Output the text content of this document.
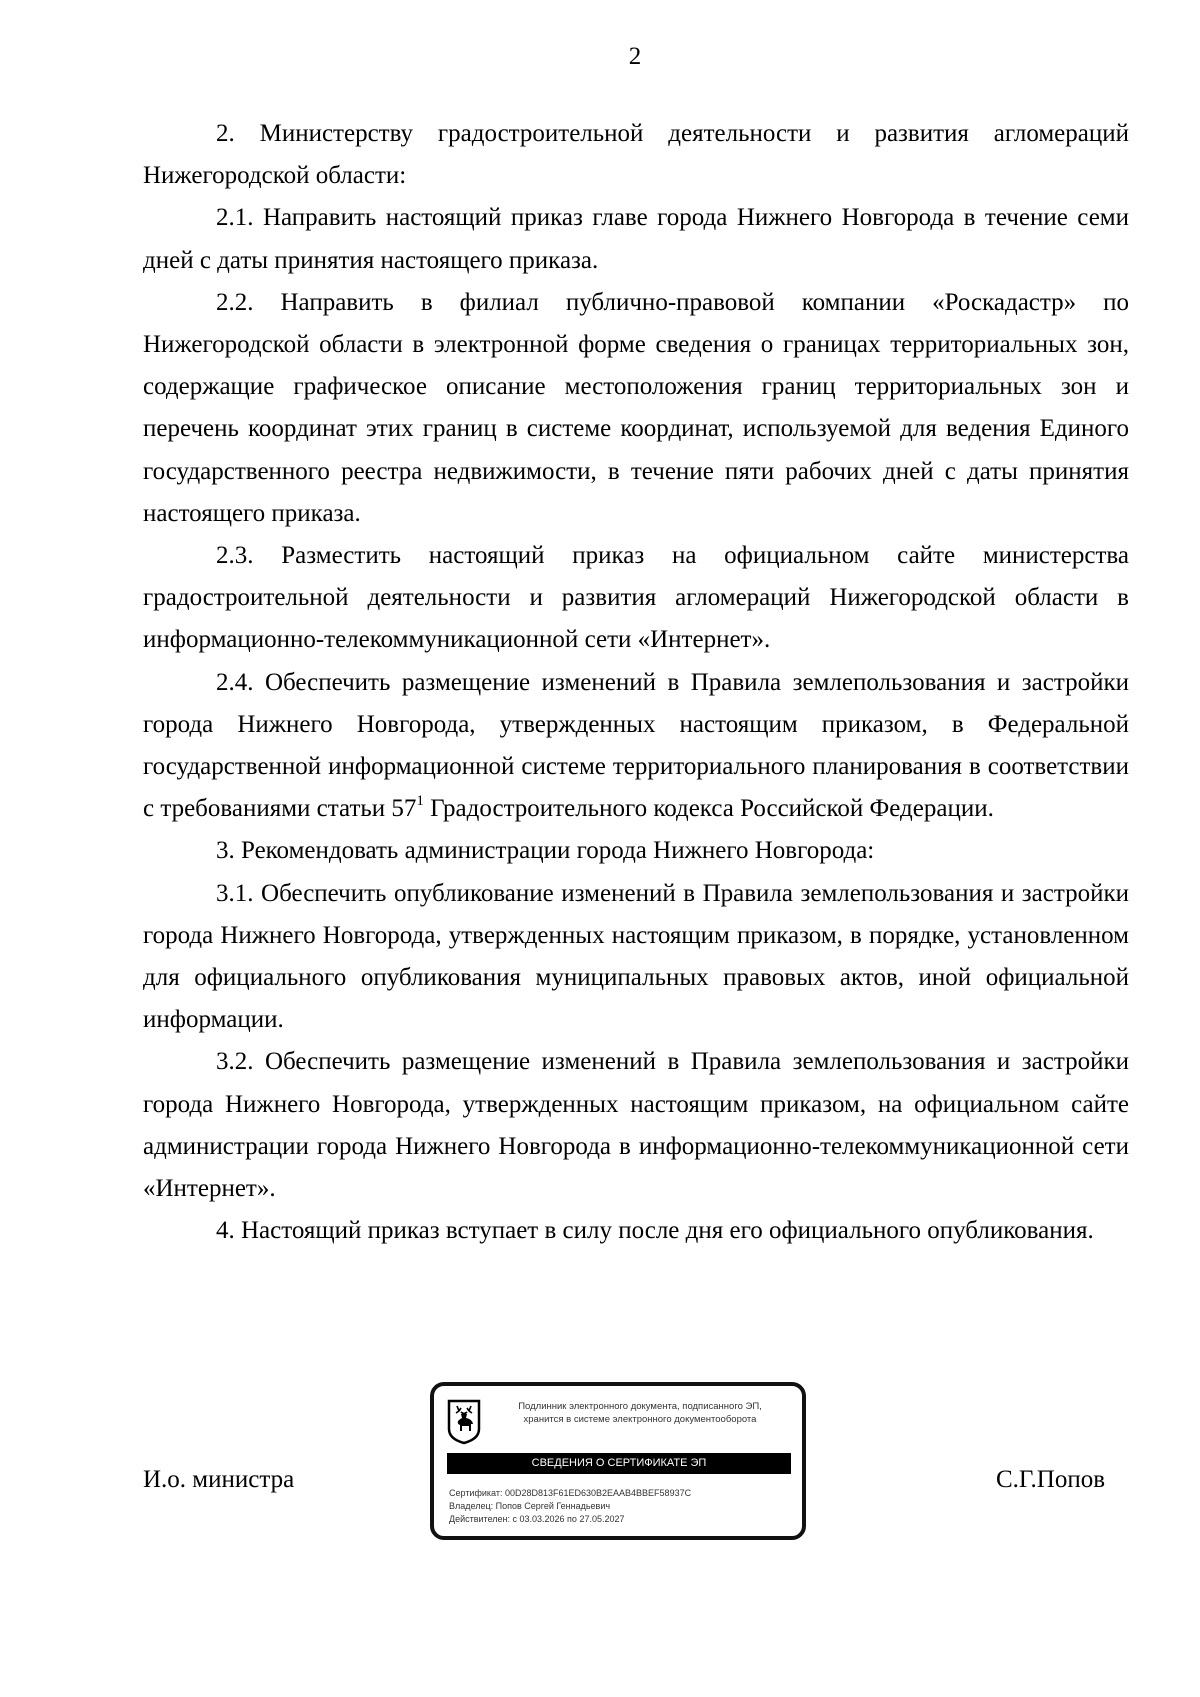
2

2. Министерству градостроительной деятельности и развития агломераций Нижегородской области:

2.1. Направить настоящий приказ главе города Нижнего Новгорода в течение семи дней с даты принятия настоящего приказа.

2.2. Направить в филиал публично-правовой компании «Роскадастр» по Нижегородской области в электронной форме сведения о границах территориальных зон, содержащие графическое описание местоположения границ территориальных зон и перечень координат этих границ в системе координат, используемой для ведения Единого государственного реестра недвижимости, в течение пяти рабочих дней с даты принятия настоящего приказа.

2.3. Разместить настоящий приказ на официальном сайте министерства градостроительной деятельности и развития агломераций Нижегородской области в информационно-телекоммуникационной сети «Интернет».

2.4. Обеспечить размещение изменений в Правила землепользования и застройки города Нижнего Новгорода, утвержденных настоящим приказом, в Федеральной государственной информационной системе территориального планирования в соответствии с требованиями статьи $57^1$ Градостроительного кодекса Российской Федерации.

3. Рекомендовать администрации города Нижнего Новгорода:

3.1. Обеспечить опубликование изменений в Правила землепользования и застройки города Нижнего Новгорода, утвержденных настоящим приказом, в порядке, установленном для официального опубликования муниципальных правовых актов, иной официальной информации.

3.2. Обеспечить размещение изменений в Правила землепользования и застройки города Нижнего Новгорода, утвержденных настоящим приказом, на официальном сайте администрации города Нижнего Новгорода в информационно-телекоммуникационной сети «Интернет».

4. Настоящий приказ вступает в силу после дня его официального опубликования.

И.о. министра	С.Г.Попов
Подлинник электронного документа, подписанного ЭП,
хранится в системе электронного документооборота
СВЕДЕНИЯ О СЕРТИФИКАТЕ ЭП
Сертификат: 00D28D813F61ED630B2EAAB4BBEF58937C
Владелец: Попов Сергей Геннадьевич
Действителен: с 03.03.2026 по 27.05.2027
